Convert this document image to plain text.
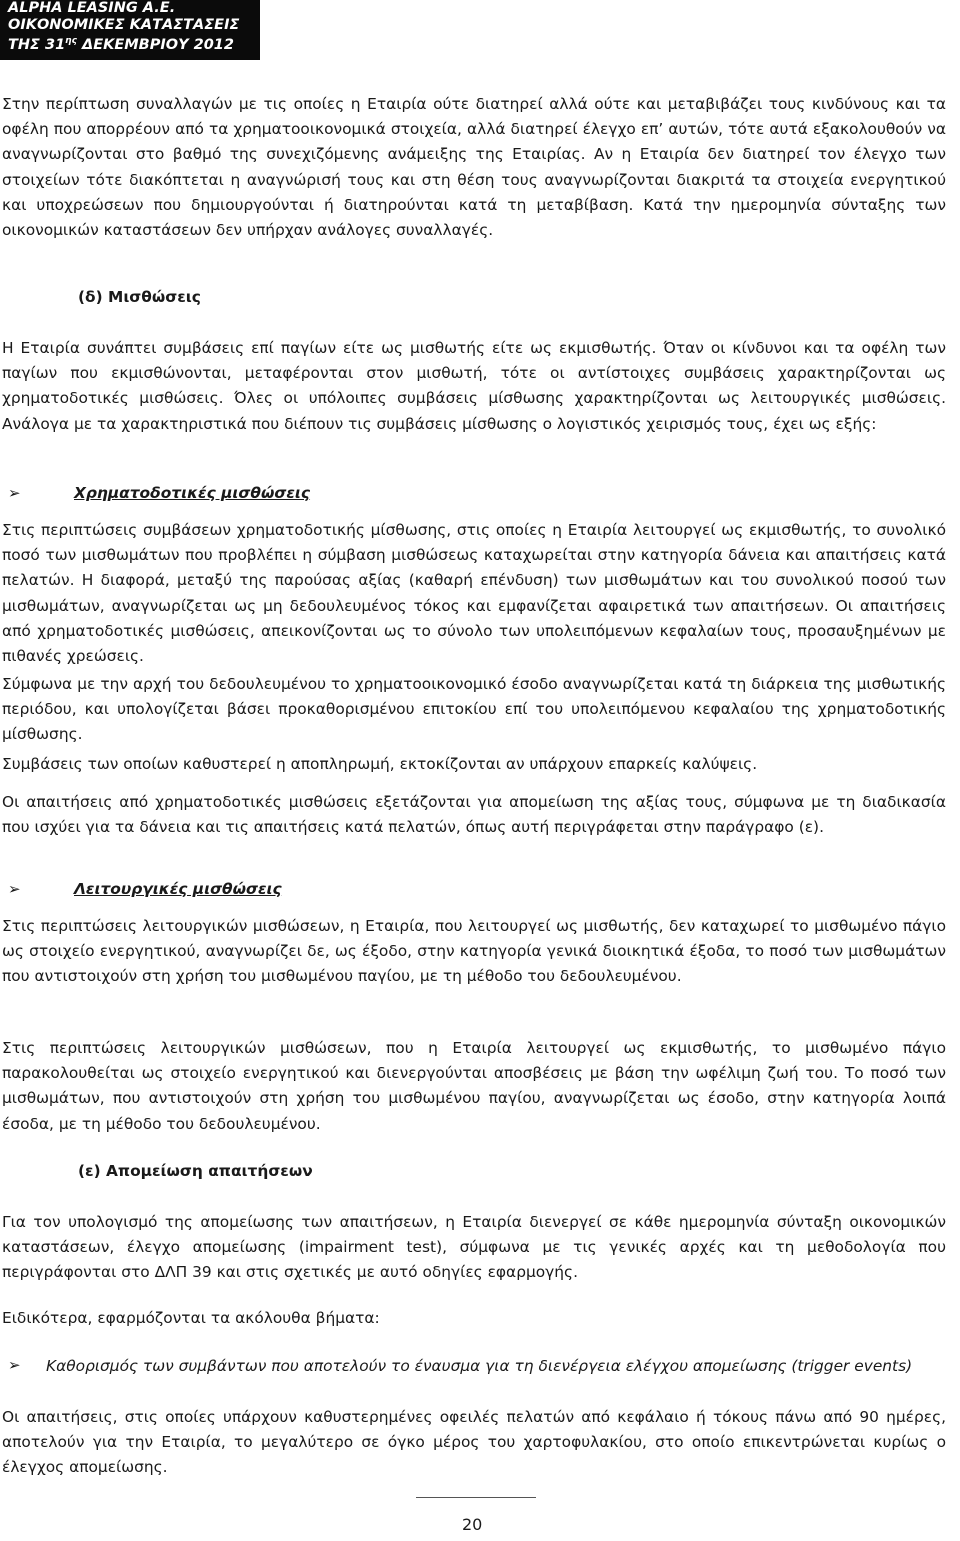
ALPHA LEASING A.E.
ΟΙΚΟΝΟΜΙΚΕΣ ΚΑΤΑΣΤΑΣΕΙΣ
ΤΗΣ $31^{\eta\varsigma}$ ΔΕΚΕΜΒΡΙΟΥ 2012

Στην περίπτωση συναλλαγών με τις οποίες η Εταιρία ούτε διατηρεί αλλά ούτε και μεταβιβάζει τους κινδύνους και τα οφέλη που απορρέουν από τα χρηματοοικονομικά στοιχεία, αλλά διατηρεί έλεγχο επ’ αυτών, τότε αυτά εξακολουθούν να αναγνωρίζονται στο βαθμό της συνεχιζόμενης ανάμειξης της Εταιρίας. Αν η Εταιρία δεν διατηρεί τον έλεγχο των στοιχείων τότε διακόπτεται η αναγνώρισή τους και στη θέση τους αναγνωρίζονται διακριτά τα στοιχεία ενεργητικού και υποχρεώσεων που δημιουργούνται ή διατηρούνται κατά τη μεταβίβαση. Κατά την ημερομηνία σύνταξης των οικονομικών καταστάσεων δεν υπήρχαν ανάλογες συναλλαγές.

(δ) Μισθώσεις

Η Εταιρία συνάπτει συμβάσεις επί παγίων είτε ως μισθωτής είτε ως εκμισθωτής. Όταν οι κίνδυνοι και τα οφέλη των παγίων που εκμισθώνονται, μεταφέρονται στον μισθωτή, τότε οι αντίστοιχες συμβάσεις χαρακτηρίζονται ως χρηματοδοτικές μισθώσεις. Όλες οι υπόλοιπες συμβάσεις μίσθωσης χαρακτηρίζονται ως λειτουργικές μισθώσεις. Ανάλογα με τα χαρακτηριστικά που διέπουν τις συμβάσεις μίσθωσης ο λογιστικός χειρισμός τους, έχει ως εξής:

➢	Χρηματοδοτικές μισθώσεις

Στις περιπτώσεις συμβάσεων χρηματοδοτικής μίσθωσης, στις οποίες η Εταιρία λειτουργεί ως εκμισθωτής, το συνολικό ποσό των μισθωμάτων που προβλέπει η σύμβαση μισθώσεως καταχωρείται στην κατηγορία δάνεια και απαιτήσεις κατά πελατών. Η διαφορά, μεταξύ της παρούσας αξίας (καθαρή επένδυση) των μισθωμάτων και του συνολικού ποσού των μισθωμάτων, αναγνωρίζεται ως μη δεδουλευμένος τόκος και εμφανίζεται αφαιρετικά των απαιτήσεων. Οι απαιτήσεις από χρηματοδοτικές μισθώσεις, απεικονίζονται ως το σύνολο των υπολειπόμενων κεφαλαίων τους, προσαυξημένων με πιθανές χρεώσεις.

Σύμφωνα με την αρχή του δεδουλευμένου το χρηματοοικονομικό έσοδο αναγνωρίζεται κατά τη διάρκεια της μισθωτικής περιόδου, και υπολογίζεται βάσει προκαθορισμένου επιτοκίου επί του υπολειπόμενου κεφαλαίου της χρηματοδοτικής μίσθωσης.

Συμβάσεις των οποίων καθυστερεί η αποπληρωμή, εκτοκίζονται αν υπάρχουν επαρκείς καλύψεις.

Οι απαιτήσεις από χρηματοδοτικές μισθώσεις εξετάζονται για απομείωση της αξίας τους, σύμφωνα με τη διαδικασία που ισχύει για τα δάνεια και τις απαιτήσεις κατά πελατών, όπως αυτή περιγράφεται στην παράγραφο (ε).

➢	Λειτουργικές μισθώσεις

Στις περιπτώσεις λειτουργικών μισθώσεων, η Εταιρία, που λειτουργεί ως μισθωτής, δεν καταχωρεί το μισθωμένο πάγιο ως στοιχείο ενεργητικού, αναγνωρίζει δε, ως έξοδο, στην κατηγορία γενικά διοικητικά έξοδα, το ποσό των μισθωμάτων που αντιστοιχούν στη χρήση του μισθωμένου παγίου, με τη μέθοδο του δεδουλευμένου.

Στις περιπτώσεις λειτουργικών μισθώσεων, που η Εταιρία λειτουργεί ως εκμισθωτής, το μισθωμένο πάγιο παρακολουθείται ως στοιχείο ενεργητικού και διενεργούνται αποσβέσεις με βάση την ωφέλιμη ζωή του. Το ποσό των μισθωμάτων, που αντιστοιχούν στη χρήση του μισθωμένου παγίου, αναγνωρίζεται ως έσοδο, στην κατηγορία λοιπά έσοδα, με τη μέθοδο του δεδουλευμένου.

(ε) Απομείωση απαιτήσεων

Για τον υπολογισμό της απομείωσης των απαιτήσεων, η Εταιρία διενεργεί σε κάθε ημερομηνία σύνταξη οικονομικών καταστάσεων, έλεγχο απομείωσης (impairment test), σύμφωνα με τις γενικές αρχές και τη μεθοδολογία που περιγράφονται στο ΔΛΠ 39 και στις σχετικές με αυτό οδηγίες εφαρμογής.

Ειδικότερα, εφαρμόζονται τα ακόλουθα βήματα:

➢ Καθορισμός των συμβάντων που αποτελούν το έναυσμα για τη διενέργεια ελέγχου απομείωσης (trigger events)

Οι απαιτήσεις, στις οποίες υπάρχουν καθυστερημένες οφειλές πελατών από κεφάλαιο ή τόκους πάνω από 90 ημέρες, αποτελούν για την Εταιρία, το μεγαλύτερο σε όγκο μέρος του χαρτοφυλακίου, στο οποίο επικεντρώνεται κυρίως ο έλεγχος απομείωσης.

20
